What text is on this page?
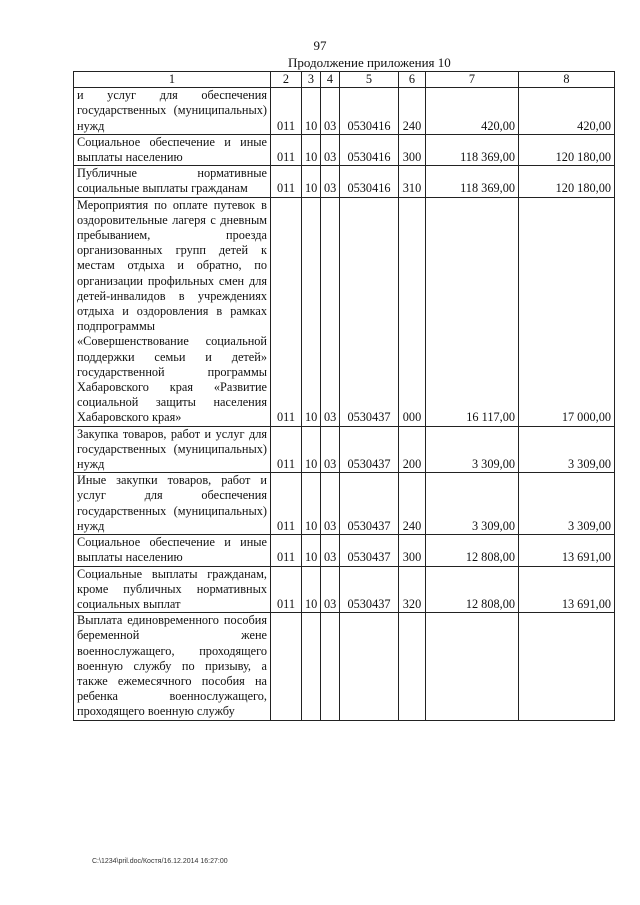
97
Продолжение приложения 10
1	2	3	4	5	6	7	8
и услуг для обеспечения государственных (муниципальных) нужд	011	10	03	0530416	240	420,00	420,00
Социальное обеспечение и иные выплаты населению	011	10	03	0530416	300	118 369,00	120 180,00
Публичные нормативные социальные выплаты гражданам	011	10	03	0530416	310	118 369,00	120 180,00
Мероприятия по оплате путевок в оздоровительные лагеря с дневным пребыванием, проезда организованных групп детей к местам отдыха и обратно, по организации профильных смен для детей-инвалидов в учреждениях отдыха и оздоровления в рамках подпрограммы «Совершенствование социальной поддержки семьи и детей» государственной программы Хабаровского края «Развитие социальной защиты населения Хабаровского края»	011	10	03	0530437	000	16 117,00	17 000,00
Закупка товаров, работ и услуг для государственных (муниципальных) нужд	011	10	03	0530437	200	3 309,00	3 309,00
Иные закупки товаров, работ и услуг для обеспечения государственных (муниципальных) нужд	011	10	03	0530437	240	3 309,00	3 309,00
Социальное обеспечение и иные выплаты населению	011	10	03	0530437	300	12 808,00	13 691,00
Социальные выплаты гражданам, кроме публичных нормативных социальных выплат	011	10	03	0530437	320	12 808,00	13 691,00
Выплата единовременного пособия беременной жене военнослужащего, проходящего военную службу по призыву, а также ежемесячного пособия на ребенка военнослужащего, проходящего военную службу							
C:\1234\pril.doc/Костя/16.12.2014 16:27:00
